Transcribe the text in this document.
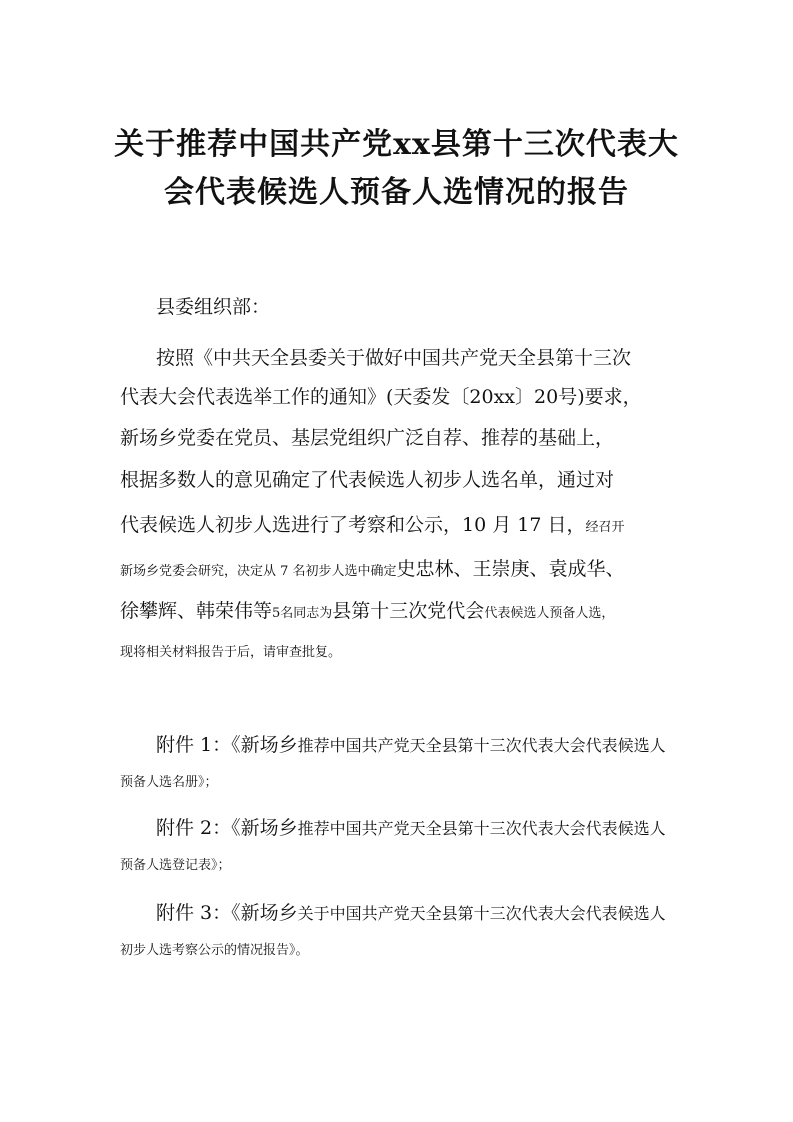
关于推荐中国共产党xx县第十三次代表大
会代表候选人预备人选情况的报告
县委组织部：
按照《中共天全县委关于做好中国共产党天全县第十三次
代表大会代表选举工作的通知》(天委发〔20xx〕20号)要求，
新场乡党委在党员、基层党组织广泛自荐、推荐的基础上，
根据多数人的意见确定了代表候选人初步人选名单，通过对
代表候选人初步人选进行了考察和公示，10 月 17 日，经召开
新场乡党委会研究，决定从 7 名初步人选中确定史忠林、王崇庚、袁成华、
徐攀辉、韩荣伟等5名同志为县第十三次党代会代表候选人预备人选，
现将相关材料报告于后，请审查批复。
附件 1：《新场乡推荐中国共产党天全县第十三次代表大会代表候选人
预备人选名册》；
附件 2：《新场乡推荐中国共产党天全县第十三次代表大会代表候选人
预备人选登记表》；
附件 3：《新场乡关于中国共产党天全县第十三次代表大会代表候选人
初步人选考察公示的情况报告》。
